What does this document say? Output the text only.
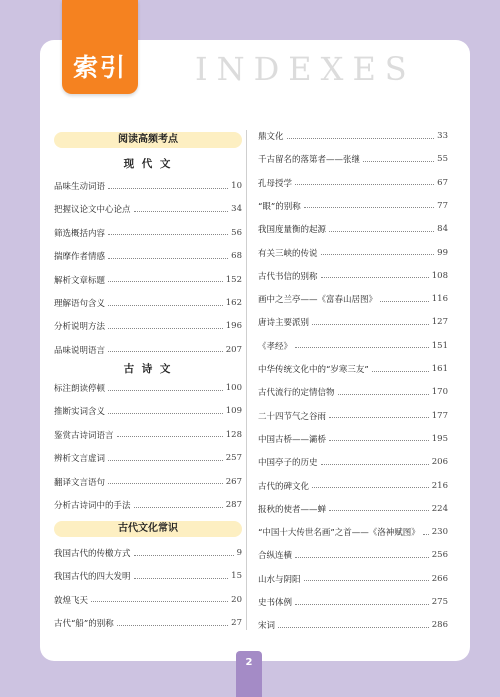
索引	INDEXES
阅读高频考点
现 代 文
品味生动词语	10
把握议论文中心论点	34
筛选概括内容	56
揣摩作者情感	68
解析文章标题	152
理解语句含义	162
分析说明方法	196
品味说明语言	207
古 诗 文
标注朗读停顿	100
推断实词含义	109
鉴赏古诗词语言	128
辨析文言虚词	257
翻译文言语句	267
分析古诗词中的手法	287
古代文化常识
我国古代的传檄方式	9
我国古代的四大发明	15
敦煌飞天	20
古代“船”的别称	27
鼎文化	33
千古留名的落第者——张继	55
孔母授学	67
“眼”的别称	77
我国度量衡的起源	84
有关三峡的传说	99
古代书信的别称	108
画中之兰亭——《富春山居图》	116
唐诗主要派别	127
《孝经》	151
中华传统文化中的“岁寒三友”	161
古代流行的定情信物	170
二十四节气之谷雨	177
中国古桥——灞桥	195
中国亭子的历史	206
古代的碑文化	216
报秋的使者——蝉	224
“中国十大传世名画”之首——《洛神赋图》 230
合纵连横	256
山水与阴阳	266
史书体例	275
宋词	286
2
